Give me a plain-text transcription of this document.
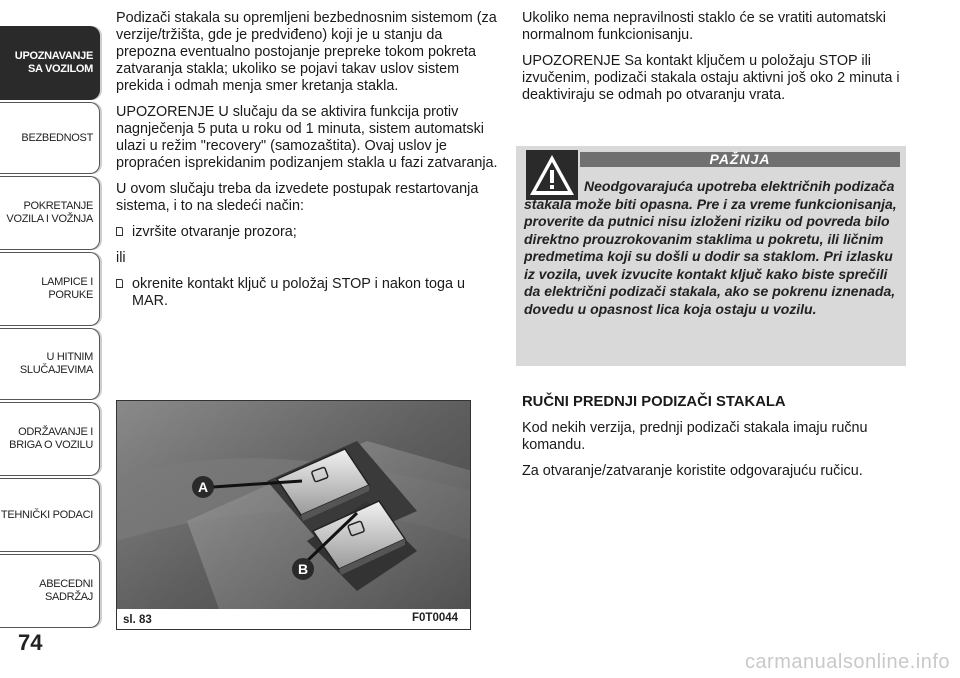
UPOZNAVANJE SA VOZILOM
BEZBEDNOST
POKRETANJE VOZILA I VOŽNJA
LAMPICE I PORUKE
U HITNIM SLUČAJEVIMA
ODRŽAVANJE I BRIGA O VOZILU
TEHNIČKI PODACI
ABECEDNI SADRŽAJ
74

Podizači stakala su opremljeni bezbednosnim sistemom (za verzije/tržišta, gde je predviđeno) koji je u stanju da prepozna eventualno postojanje prepreke tokom pokreta zatvaranja stakla; ukoliko se pojavi takav uslov sistem prekida i odmah menja smer kretanja stakla.

UPOZORENJE U slučaju da se aktivira funkcija protiv nagnječenja 5 puta u roku od 1 minuta, sistem automatski ulazi u režim "recovery" (samozaštita). Ovaj uslov je propraćen isprekidanim podizanjem stakla u fazi zatvaranja.

U ovom slučaju treba da izvedete postupak restartovanja sistema, i to na sledeći način:

izvršite otvaranje prozora;

ili

okrenite kontakt ključ u položaj STOP i nakon toga u MAR.
A
B
sl. 83	F0T0044

Ukoliko nema nepravilnosti staklo će se vratiti automatski normalnom funkcionisanju.

UPOZORENJE Sa kontakt ključem u položaju STOP ili izvučenim, podizači stakala ostaju aktivni još oko 2 minuta i deaktiviraju se odmah po otvaranju vrata.

PAŽNJA
Neodgovarajuća upotreba električnih podizača stakala može biti opasna. Pre i za vreme funkcionisanja, proverite da putnici nisu izloženi riziku od povreda bilo direktno prouzrokovanim staklima u pokretu, ili ličnim predmetima koji su došli u dodir sa staklom. Pri izlasku iz vozila, uvek izvucite kontakt ključ kako biste sprečili da električni podizači stakala, ako se pokrenu iznenada, dovedu u opasnost lica koja ostaju u vozilu.
RUČNI PREDNJI PODIZAČI STAKALA

Kod nekih verzija, prednji podizači stakala imaju ručnu komandu.

Za otvaranje/zatvaranje koristite odgovarajuću ručicu.

carmanualsonline.info
